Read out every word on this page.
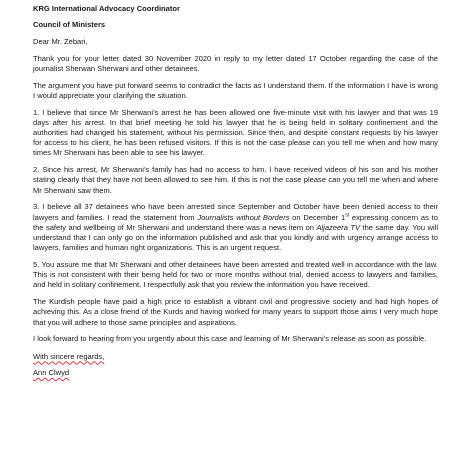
KRG International Advocacy Coordinator
Council of Ministers

Dear Mr. Zebari,

Thank you for your letter dated 30 November 2020 in reply to my letter dated 17 October regarding the case of the journalist Sherwan Sherwani and other detainees.

The argument you have put forward seems to contradict the facts as I understand them. If the information I have is wrong I would appreciate your clarifying the situation.

1. I believe that since Mr Sherwani’s arrest he has been allowed one five-minute visit with his lawyer and that was 19 days after his arrest. In that brief meeting he told his lawyer that he is being held in solitary confinement and the authorities had changed his statement, without his permission. Since then, and despite constant requests by his lawyer for access to his client, he has been refused visitors. If this is not the case please can you tell me when and how many times Mr Sherwani has been able to see his lawyer.

2. Since his arrest, Mr Sherwani’s family has had no access to him. I have received videos of his son and his mother stating clearly that they have not been allowed to see him. If this is not the case please can you tell me when and where Mr Sherwani saw them.

3. I believe all 37 detainees who have been arrested since September and October have been denied access to their lawyers and families. I read the statement from Journalists without Borders on December 1st expressing concern as to the safety and wellbeing of Mr Sherwani and understand there was a news item on Aljazeera TV the same day. You will understand that I can only go on the information published and ask that you kindly and with urgency arrange access to lawyers, families and human right organizations. This is an urgent request.

5. You assure me that Mr Sherwani and other detainees have been arrested and treated well in accordance with the law. This is not consistent with their being held for two or more months without trial, denied access to lawyers and families, and held in solitary confinement. I respectfully ask that you review the information you have received.

The Kurdish people have paid a high price to establish a vibrant civil and progressive society and had high hopes of achieving this. As a close friend of the Kurds and having worked for many years to support those aims I very much hope that you will adhere to those same principles and aspirations.

I look forward to hearing from you urgently about this case and learning of Mr Sherwani’s release as soon as possible.

With sincere regards,
Ann Clwyd
